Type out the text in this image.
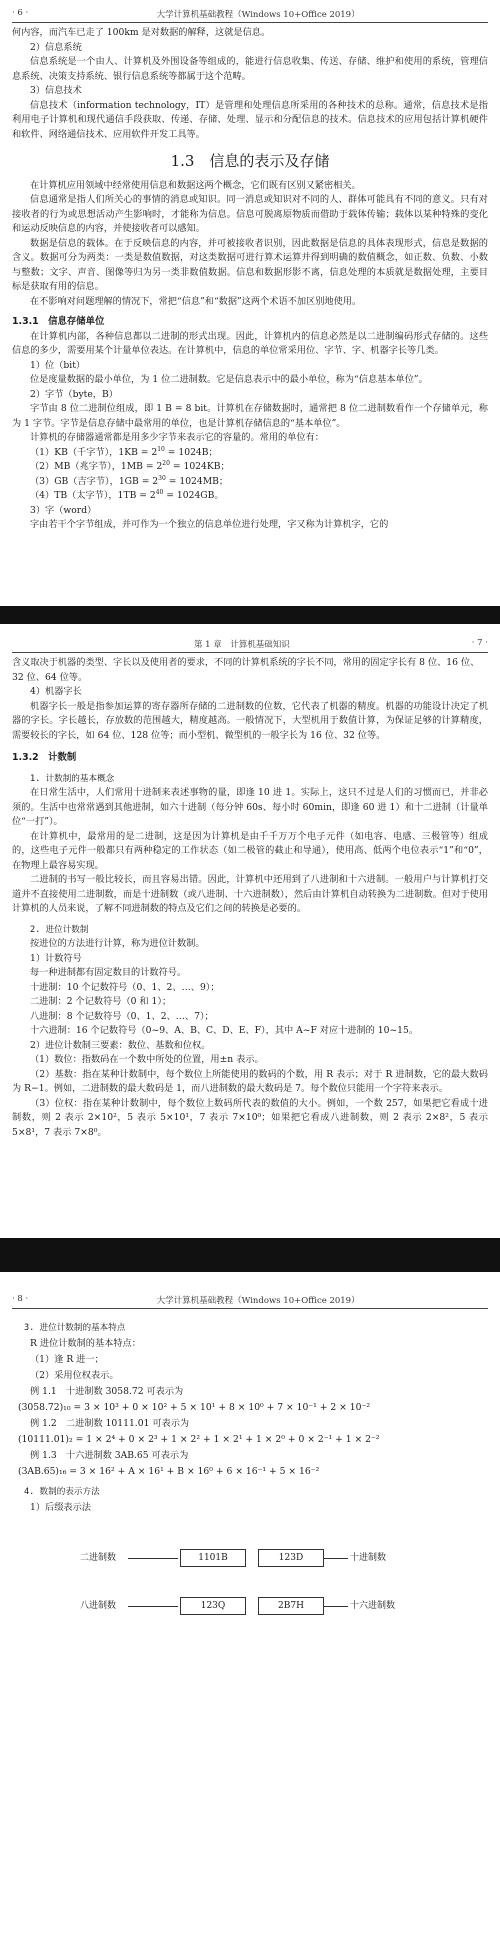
· 6 ·	大学计算机基础教程（Windows 10+Office 2019）

何内容，而汽车已走了 100km 是对数据的解释，这就是信息。

2）信息系统

信息系统是一个由人、计算机及外围设备等组成的，能进行信息收集、传送、存储、维护和使用的系统，管理信息系统、决策支持系统、银行信息系统等都属于这个范畴。

3）信息技术

信息技术（information technology，IT）是管理和处理信息所采用的各种技术的总称。通常，信息技术是指利用电子计算机和现代通信手段获取、传递、存储、处理、显示和分配信息的技术。信息技术的应用包括计算机硬件和软件、网络通信技术、应用软件开发工具等。

1.3　信息的表示及存储

在计算机应用领域中经常使用信息和数据这两个概念，它们既有区别又紧密相关。

信息通常是指人们所关心的事情的消息或知识。同一消息或知识对不同的人、群体可能具有不同的意义。只有对接收者的行为或思想活动产生影响时，才能称为信息。信息可脱离原物质而借助于载体传输；载体以某种特殊的变化和运动反映信息的内容，并使接收者可以感知。

数据是信息的载体。在于反映信息的内容，并可被接收者识别，因此数据是信息的具体表现形式，信息是数据的含义。数据可分为两类：一类是数值数据，对这类数据可进行算术运算并得到明确的数值概念，如正数、负数、小数与整数；文字、声音、图像等归为另一类非数值数据。信息和数据形影不离，信息处理的本质就是数据处理，主要目标是获取有用的信息。

在不影响对问题理解的情况下，常把“信息”和“数据”这两个术语不加区别地使用。

1.3.1　信息存储单位

在计算机内部，各种信息都以二进制的形式出现。因此，计算机内的信息必然是以二进制编码形式存储的。这些信息的多少，需要用某个计量单位表达。在计算机中，信息的单位常采用位、字节、字、机器字长等几类。

1）位（bit）

位是度量数据的最小单位，为 1 位二进制数。它是信息表示中的最小单位，称为“信息基本单位”。

2）字节（byte，B）

字节由 8 位二进制位组成，即 1 B = 8 bit。计算机在存储数据时，通常把 8 位二进制数看作一个存储单元，称为 1 字节。字节是信息存储中最常用的单位，也是计算机存储信息的“基本单位”。

计算机的存储器通常都是用多少字节来表示它的容量的。常用的单位有：

（1）KB（千字节），$1KB = 2^{10} = 1024B$；

（2）MB（兆字节），$1MB = 2^{20} = 1024KB$；

（3）GB（吉字节），$1GB = 2^{30} = 1024MB$；

（4）TB（太字节），$1TB = 2^{40} = 1024GB$。

3）字（word）

字由若干个字节组成，并可作为一个独立的信息单位进行处理，字又称为计算机字，它的

第 1 章　计算机基础知识	· 7 ·

含义取决于机器的类型、字长以及使用者的要求，不同的计算机系统的字长不同，常用的固定字长有 8 位、16 位、32 位、64 位等。

4）机器字长

机器字长一般是指参加运算的寄存器所存储的二进制数的位数，它代表了机器的精度。机器的功能设计决定了机器的字长。字长越长，存放数的范围越大，精度越高。一般情况下，大型机用于数值计算，为保证足够的计算精度，需要较长的字长，如 64 位、128 位等；而小型机、微型机的一般字长为 16 位、32 位等。

1.3.2　计数制

1. 计数制的基本概念

在日常生活中，人们常用十进制来表述事物的量，即逢 10 进 1。实际上，这只不过是人们的习惯而已，并非必须的。生活中也常常遇到其他进制，如六十进制（每分钟 60s、每小时 60min，即逢 60 进 1）和十二进制（计量单位“一打”）。

在计算机中，最常用的是二进制，这是因为计算机是由千千万万个电子元件（如电容、电感、三极管等）组成的，这些电子元件一般都只有两种稳定的工作状态（如二极管的截止和导通），使用高、低两个电位表示“1”和“0”，在物理上最容易实现。

二进制的书写一般比较长，而且容易出错。因此，计算机中还用到了八进制和十六进制。一般用户与计算机打交道并不直接使用二进制数，而是十进制数（或八进制、十六进制数），然后由计算机自动转换为二进制数。但对于使用计算机的人员来说，了解不同进制数的特点及它们之间的转换是必要的。

2. 进位计数制

按进位的方法进行计算，称为进位计数制。

1）计数符号

每一种进制都有固定数目的计数符号。

十进制：10 个记数符号（0、1、2、…、9）；

二进制：2 个记数符号（0 和 1）；

八进制：8 个记数符号（0、1、2、…、7）；

十六进制：16 个记数符号（0~9、A、B、C、D、E、F），其中 A~F 对应十进制的 10~15。

2）进位计数制三要素：数位、基数和位权。

（1）数位：指数码在一个数中所处的位置，用±n 表示。

（2）基数：指在某种计数制中，每个数位上所能使用的数码的个数，用 R 表示；对于 R 进制数，它的最大数码为 R−1。例如，二进制数的最大数码是 1，而八进制数的最大数码是 7。每个数位只能用一个字符来表示。

（3）位权：指在某种计数制中，每个数位上数码所代表的数值的大小。例如，一个数 257，如果把它看成十进制数，则 2 表示 2×10²，5 表示 5×10¹，7 表示 7×10⁰；如果把它看成八进制数，则 2 表示 2×8²，5 表示 5×8¹，7 表示 7×8⁰。

· 8 ·	大学计算机基础教程（Windows 10+Office 2019）

3. 进位计数制的基本特点

R 进位计数制的基本特点：

（1）逢 R 进一；

（2）采用位权表示。

例 1.1　十进制数 3058.72 可表示为

(3058.72)₁₀ = 3 × 10³ + 0 × 10² + 5 × 10¹ + 8 × 10⁰ + 7 × 10⁻¹ + 2 × 10⁻²

例 1.2　二进制数 10111.01 可表示为

(10111.01)₂ = 1 × 2⁴ + 0 × 2³ + 1 × 2² + 1 × 2¹ + 1 × 2⁰ + 0 × 2⁻¹ + 1 × 2⁻²

例 1.3　十六进制数 3AB.65 可表示为

(3AB.65)₁₆ = 3 × 16² + A × 16¹ + B × 16⁰ + 6 × 16⁻¹ + 5 × 16⁻²

4. 数制的表示方法

1）后缀表示法

二进制数	1101B	123D	十进制数
八进制数	123Q	2B7H	十六进制数
